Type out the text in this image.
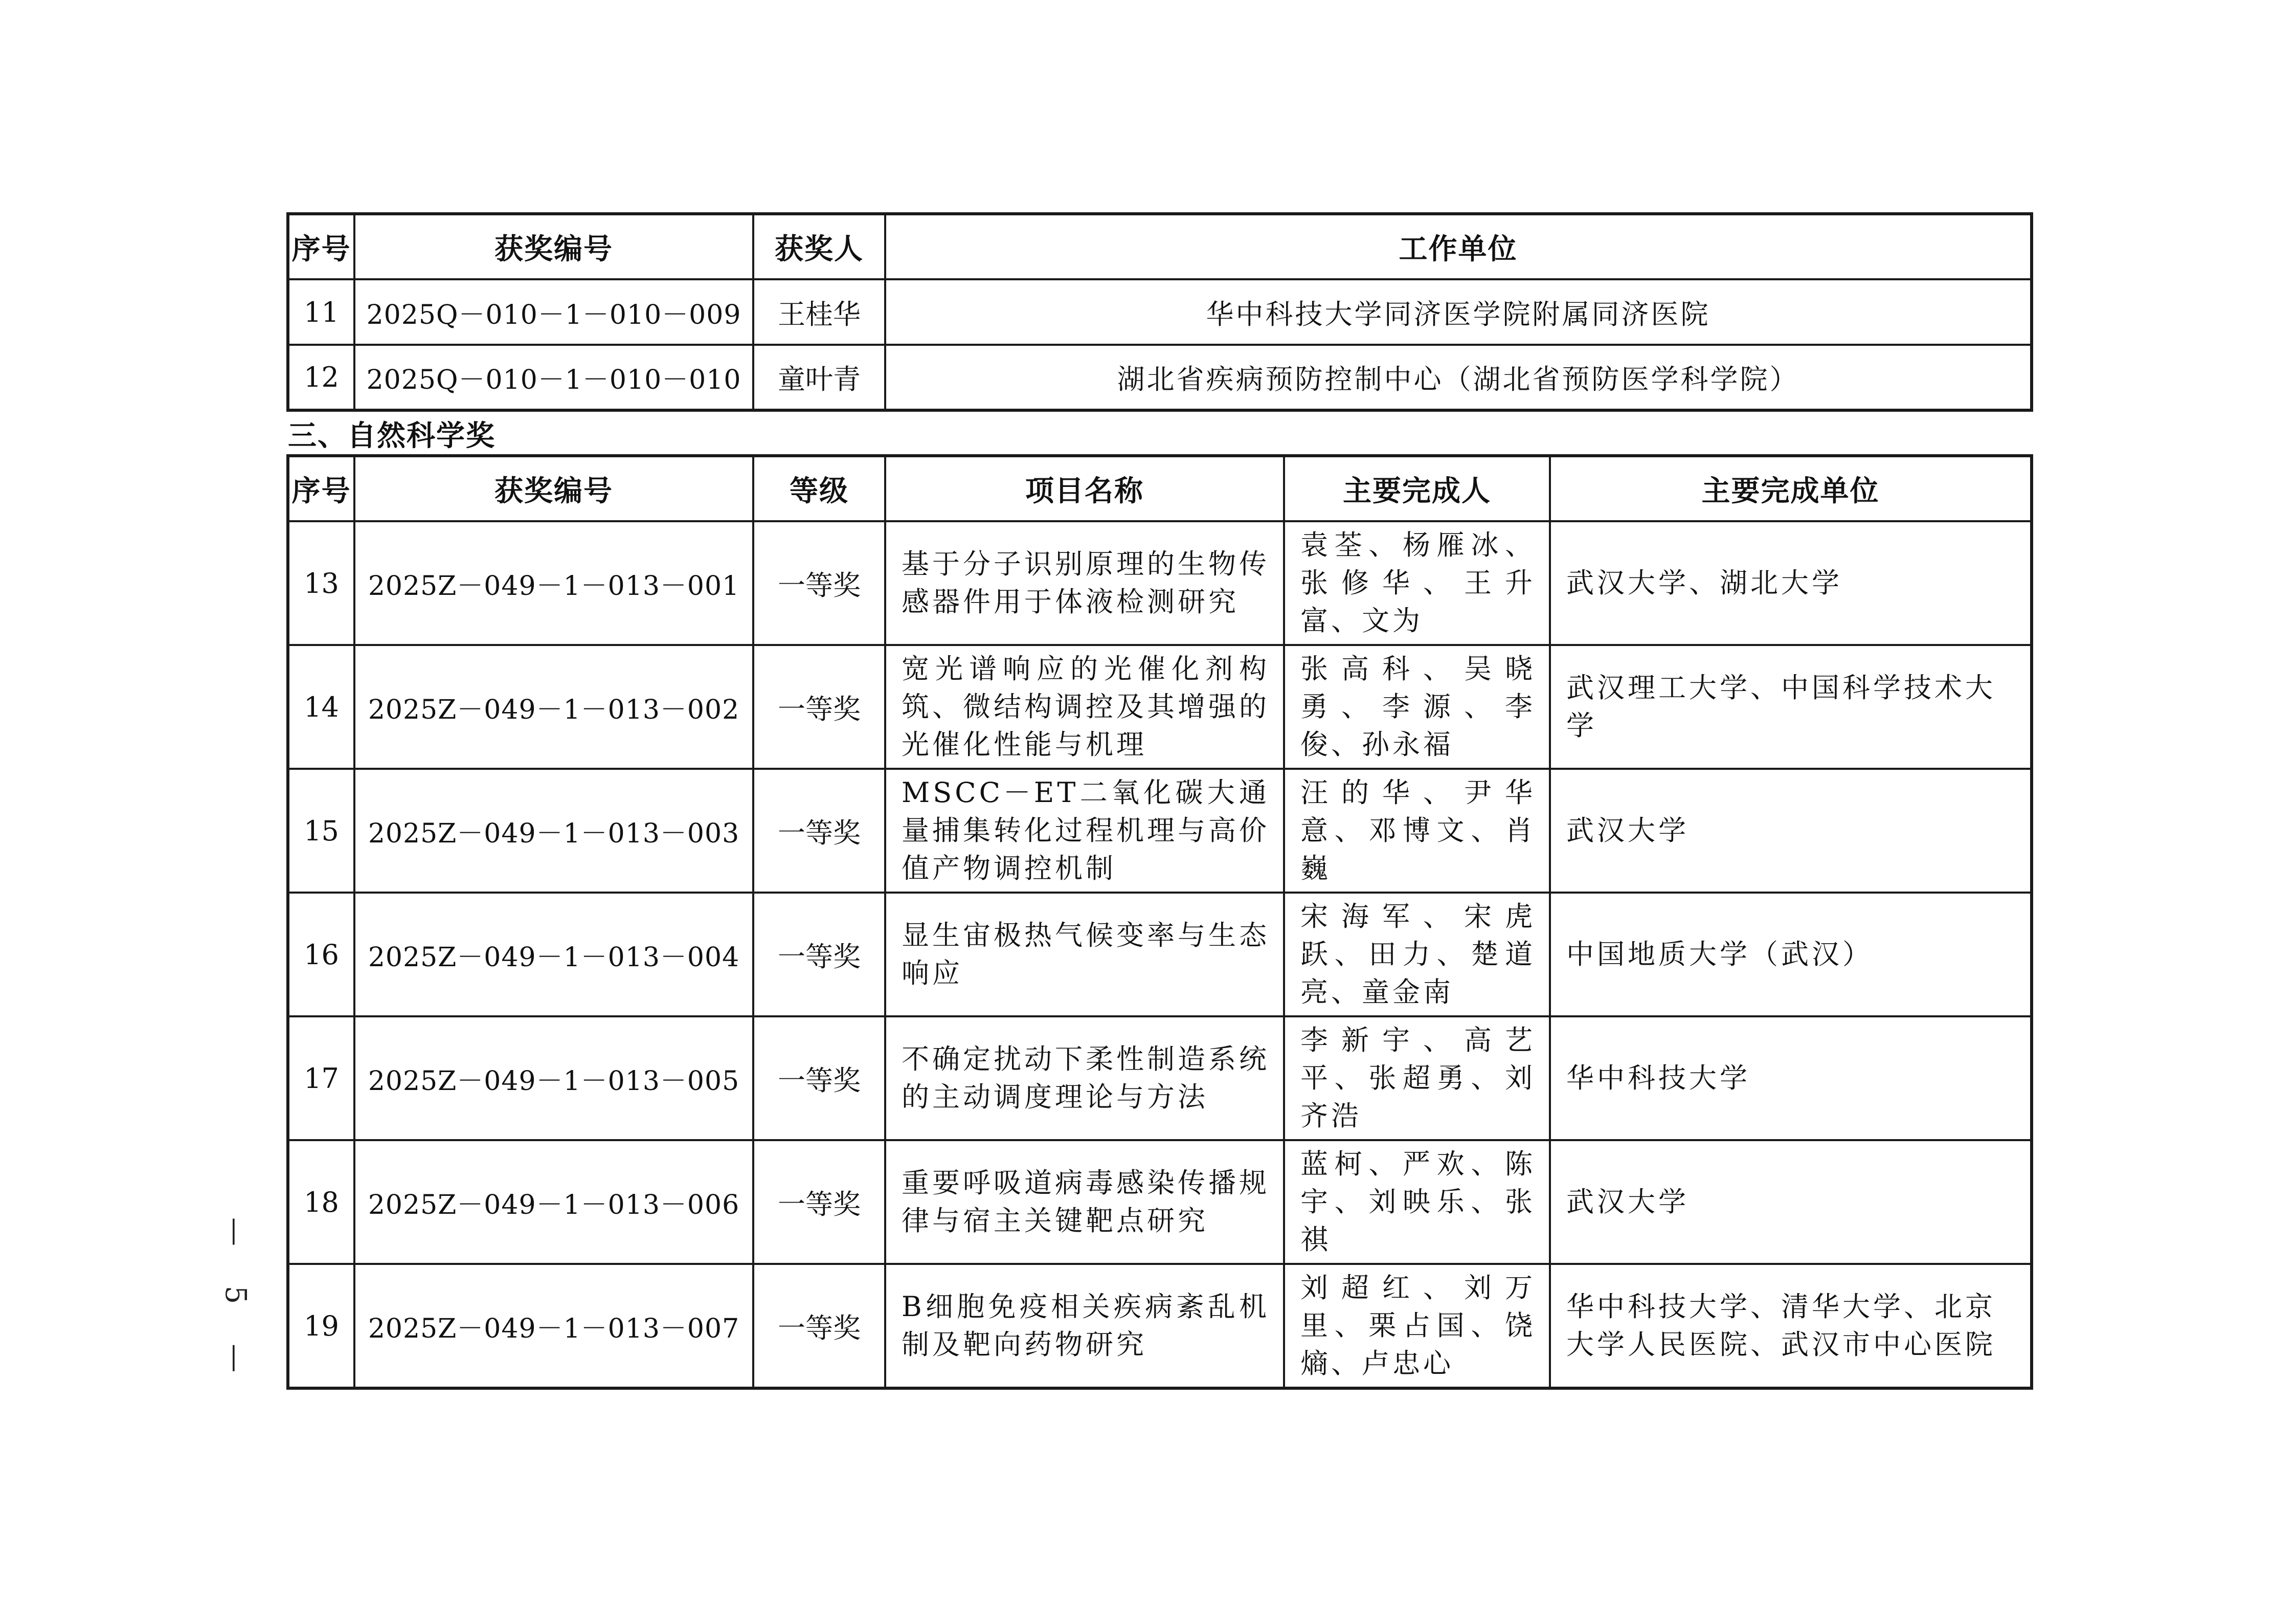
序号	获奖编号	获奖人	工作单位
11	2025Q－010－1－010－009	王桂华	华中科技大学同济医学院附属同济医院
12	2025Q－010－1－010－010	童叶青	湖北省疾病预防控制中心（湖北省预防医学科学院）
三、自然科学奖
序号	获奖编号	等级	项目名称	主要完成人	主要完成单位
13	2025Z－049－1－013－001	一等奖	基于分子识别原理的生物传感器件用于体液检测研究	袁荃、杨雁冰、张修华、王升富、文为	武汉大学、湖北大学
14	2025Z－049－1－013－002	一等奖	宽光谱响应的光催化剂构筑、微结构调控及其增强的光催化性能与机理	张高科、吴晓勇、李源、李俊、孙永福	武汉理工大学、中国科学技术大学
15	2025Z－049－1－013－003	一等奖	MSCC－ET二氧化碳大通量捕集转化过程机理与高价值产物调控机制	汪的华、尹华意、邓博文、肖巍	武汉大学
16	2025Z－049－1－013－004	一等奖	显生宙极热气候变率与生态响应	宋海军、宋虎跃、田力、楚道亮、童金南	中国地质大学（武汉）
17	2025Z－049－1－013－005	一等奖	不确定扰动下柔性制造系统的主动调度理论与方法	李新宇、高艺平、张超勇、刘齐浩	华中科技大学
18	2025Z－049－1－013－006	一等奖	重要呼吸道病毒感染传播规律与宿主关键靶点研究	蓝柯、严欢、陈宇、刘映乐、张祺	武汉大学
19	2025Z－049－1－013－007	一等奖	B细胞免疫相关疾病紊乱机制及靶向药物研究	刘超红、刘万里、栗占国、饶熵、卢忠心	华中科技大学、清华大学、北京大学人民医院、武汉市中心医院
— 5 —
